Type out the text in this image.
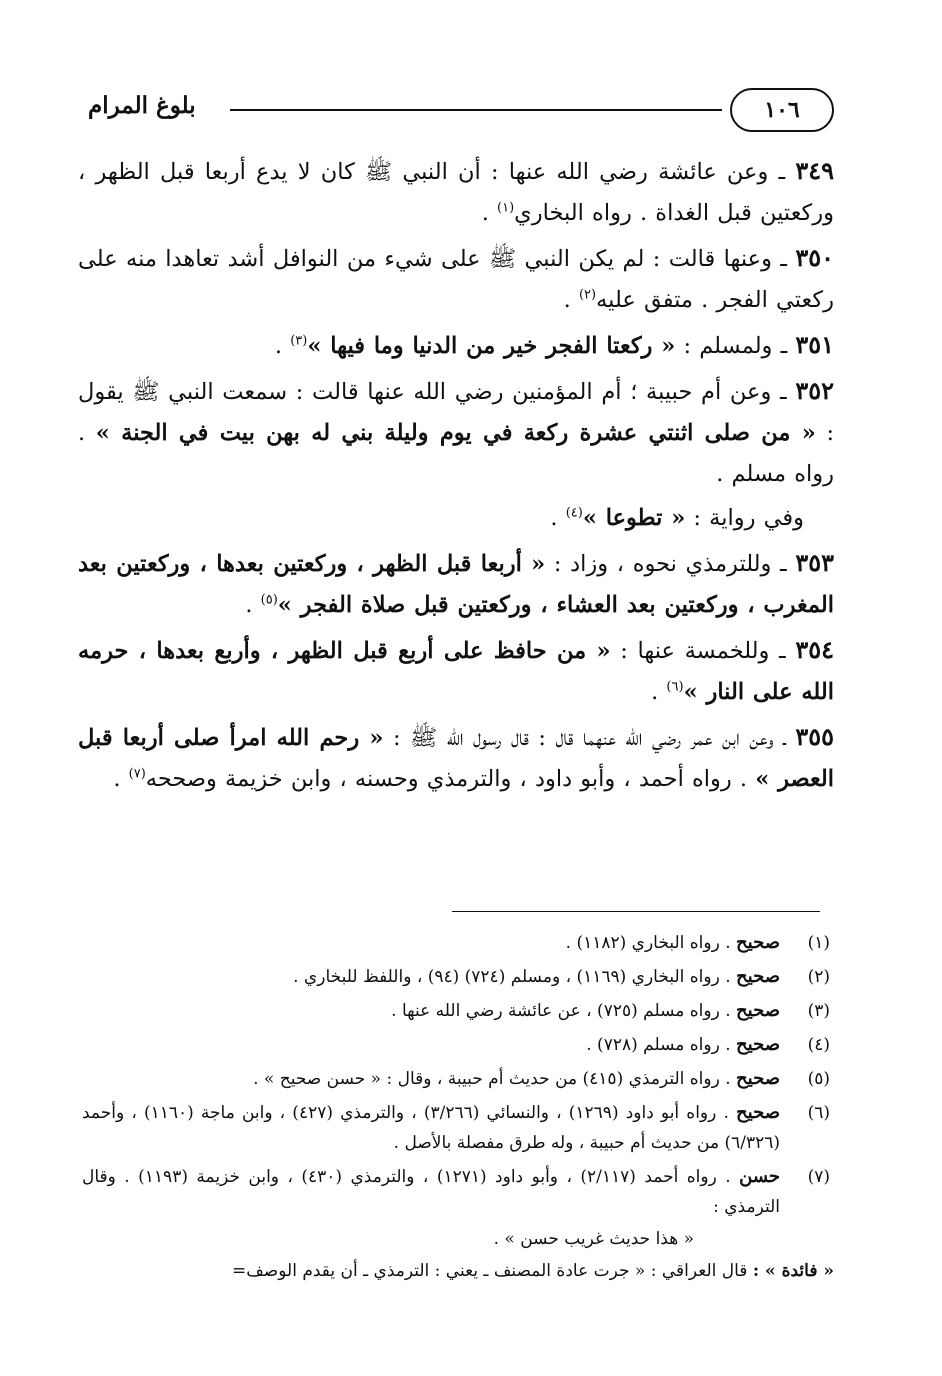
بلوغ المرام	١٠٦

٣٤٩ ـ وعن عائشة رضي الله عنها : أن النبي ﷺ كان لا يدع أربعا قبل الظهر ، وركعتين قبل الغداة . رواه البخاري$^{(١)}$ .

٣٥٠ ـ وعنها قالت : لم يكن النبي ﷺ على شيء من النوافل أشد تعاهدا منه على ركعتي الفجر . متفق عليه$^{(٢)}$ .

٣٥١ ـ ولمسلم : « ركعتا الفجر خير من الدنيا وما فيها »$^{(٣)}$ .

٣٥٢ ـ وعن أم حبيبة ؛ أم المؤمنين رضي الله عنها قالت : سمعت النبي ﷺ يقول : « من صلى اثنتي عشرة ركعة في يوم وليلة بني له بهن بيت في الجنة » . رواه مسلم .

وفي رواية : « تطوعا »$^{(٤)}$ .

٣٥٣ ـ وللترمذي نحوه ، وزاد : « أربعا قبل الظهر ، وركعتين بعدها ، وركعتين بعد المغرب ، وركعتين بعد العشاء ، وركعتين قبل صلاة الفجر »$^{(٥)}$ .

٣٥٤ ـ وللخمسة عنها : « من حافظ على أربع قبل الظهر ، وأربع بعدها ، حرمه الله على النار »$^{(٦)}$ .

٣٥٥ ـ وعن ابن عمر رضي الله عنهما قال : قال رسول الله ﷺ : « رحم الله امرأ صلى أربعا قبل العصر » . رواه أحمد ، وأبو داود ، والترمذي وحسنه ، وابن خزيمة وصححه$^{(٧)}$ .

(١)
صحيح . رواه البخاري (١١٨٢) .
(٢)
صحيح . رواه البخاري (١١٦٩) ، ومسلم (٧٢٤) (٩٤) ، واللفظ للبخاري .
(٣)
صحيح . رواه مسلم (٧٢٥) ، عن عائشة رضي الله عنها .
(٤)
صحيح . رواه مسلم (٧٢٨) .
(٥)
صحيح . رواه الترمذي (٤١٥) من حديث أم حبيبة ، وقال : « حسن صحيح » .
(٦)
صحيح . رواه أبو داود (١٢٦٩) ، والنسائي (٣/٢٦٦) ، والترمذي (٤٢٧) ، وابن ماجة (١١٦٠) ، وأحمد (٦/٣٢٦) من حديث أم حبيبة ، وله طرق مفصلة بالأصل .
(٧)
حسن . رواه أحمد (٢/١١٧) ، وأبو داود (١٢٧١) ، والترمذي (٤٣٠) ، وابن خزيمة (١١٩٣) . وقال الترمذي :
« هذا حديث غريب حسن » .
« فائدة » : قال العراقي : « جرت عادة المصنف ـ يعني : الترمذي ـ أن يقدم الوصف=
